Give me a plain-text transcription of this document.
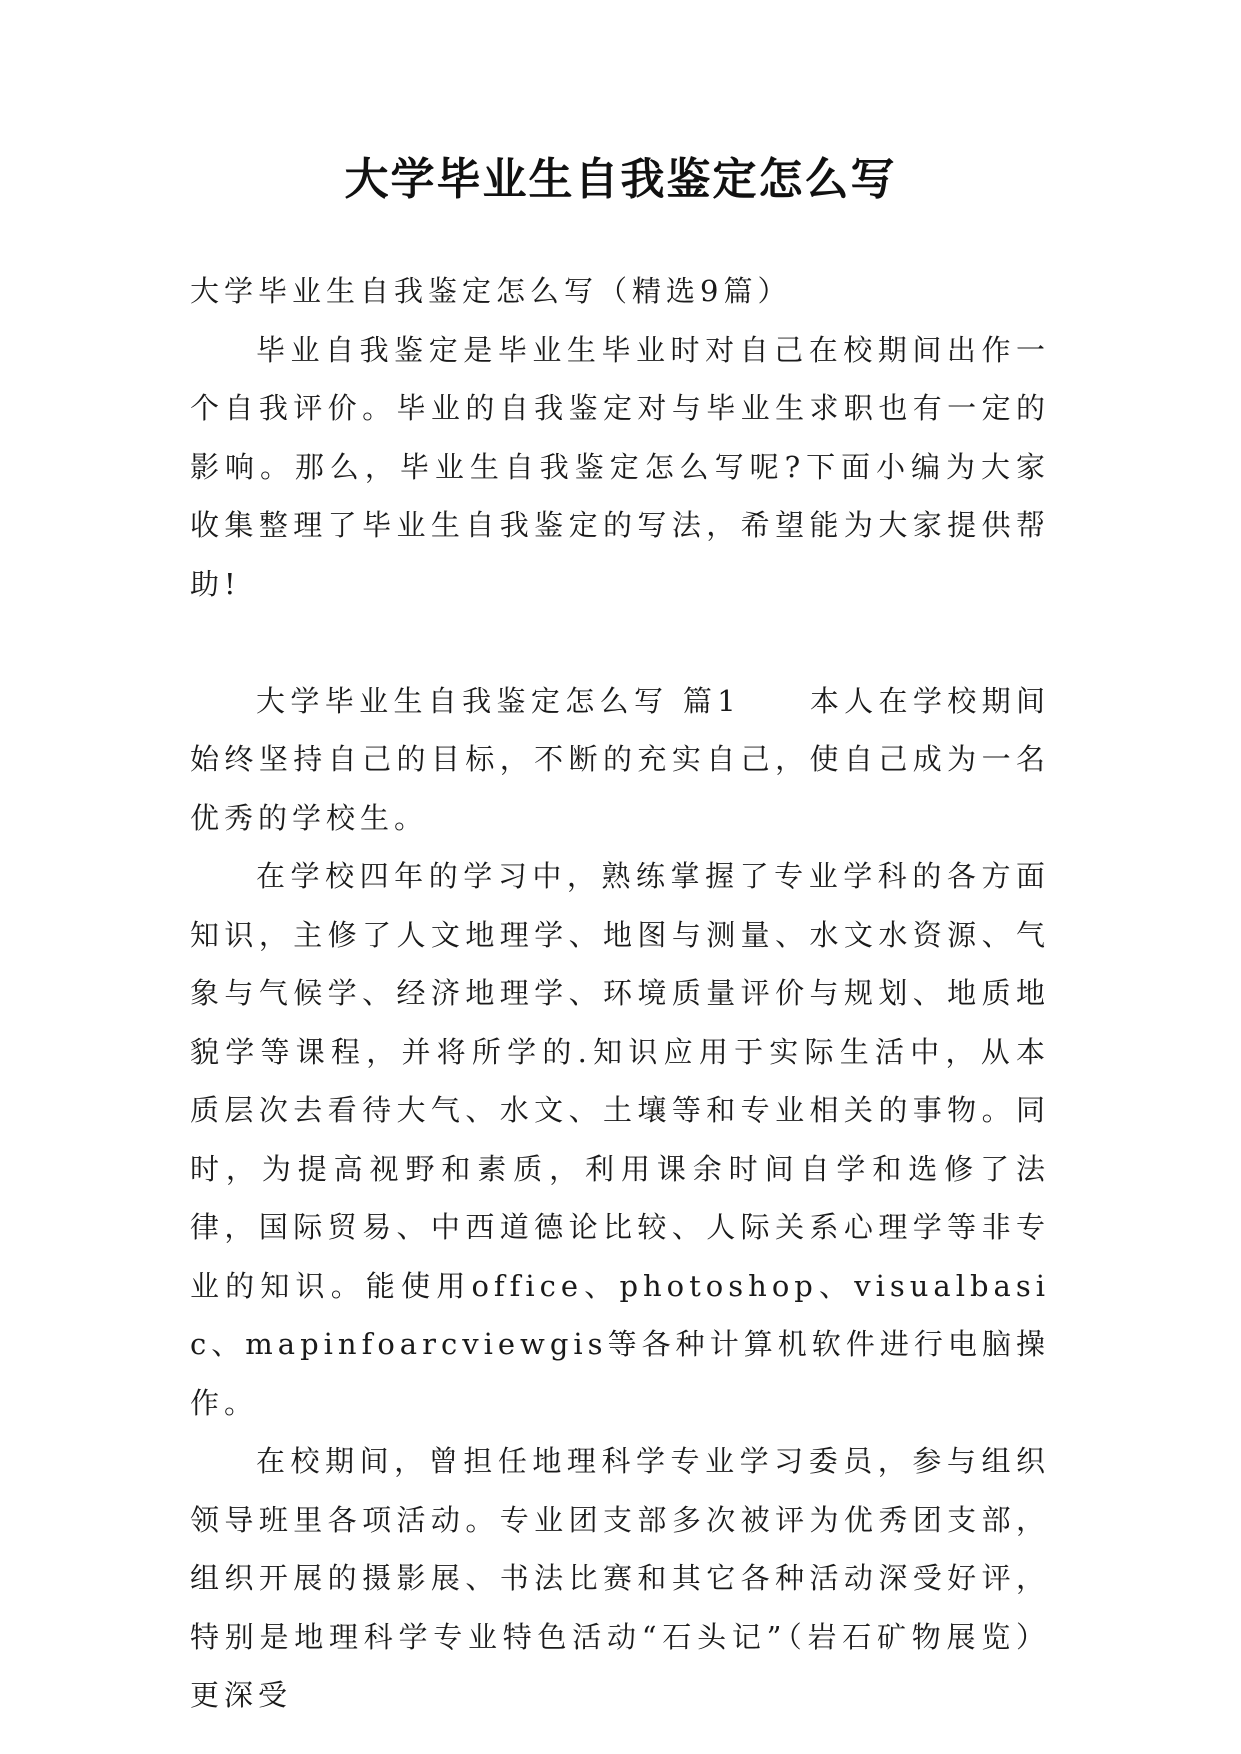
大学毕业生自我鉴定怎么写

大学毕业生自我鉴定怎么写（精选9篇）

毕业自我鉴定是毕业生毕业时对自己在校期间出作一个自我评价。毕业的自我鉴定对与毕业生求职也有一定的影响。那么，毕业生自我鉴定怎么写呢?下面小编为大家收集整理了毕业生自我鉴定的写法，希望能为大家提供帮助!

大学毕业生自我鉴定怎么写 篇1　　本人在学校期间始终坚持自己的目标，不断的充实自己，使自己成为一名优秀的学校生。

在学校四年的学习中，熟练掌握了专业学科的各方面知识，主修了人文地理学、地图与测量、水文水资源、气象与气候学、经济地理学、环境质量评价与规划、地质地貌学等课程，并将所学的.知识应用于实际生活中，从本质层次去看待大气、水文、土壤等和专业相关的事物。同时，为提高视野和素质，利用课余时间自学和选修了法律，国际贸易、中西道德论比较、人际关系心理学等非专业的知识。能使用office、photoshop、visualbasic、mapinfoarcviewgis等各种计算机软件进行电脑操作。

在校期间，曾担任地理科学专业学习委员，参与组织领导班里各项活动。专业团支部多次被评为优秀团支部，组织开展的摄影展、书法比赛和其它各种活动深受好评，特别是地理科学专业特色活动“石头记”（岩石矿物展览）更深受
